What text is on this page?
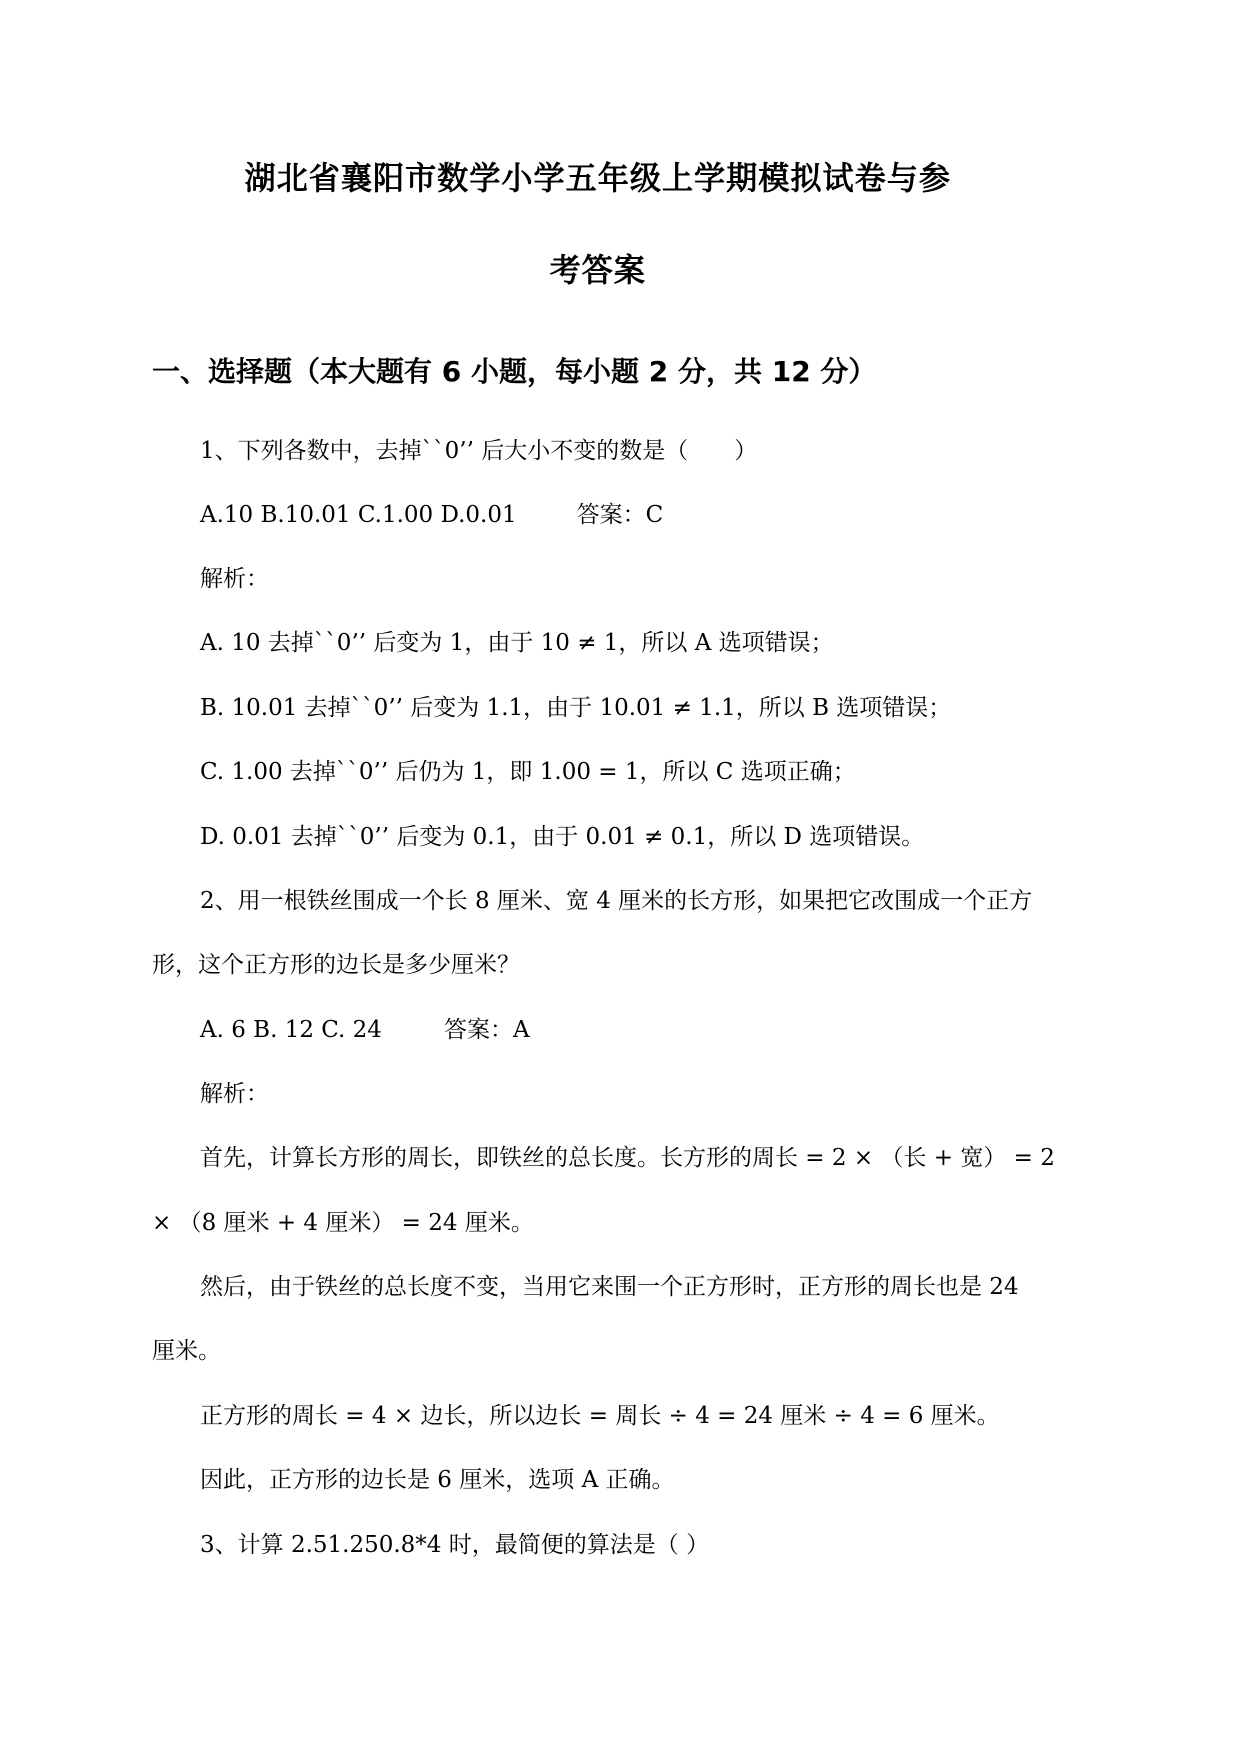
湖北省襄阳市数学小学五年级上学期模拟试卷与参
考答案
一、选择题（本大题有 6 小题，每小题 2 分，共 12 分）
1、下列各数中，去掉``0’’ 后大小不变的数是（　　）
A.10 B.10.01 C.1.00 D.0.01	答案：C
解析：
A. 10 去掉``0’’ 后变为 1，由于 10 ≠ 1，所以 A 选项错误；
B. 10.01 去掉``0’’ 后变为 1.1，由于 10.01 ≠ 1.1，所以 B 选项错误；
C. 1.00 去掉``0’’ 后仍为 1，即 1.00 = 1，所以 C 选项正确；
D. 0.01 去掉``0’’ 后变为 0.1，由于 0.01 ≠ 0.1，所以 D 选项错误。
2、用一根铁丝围成一个长 8 厘米、宽 4 厘米的长方形，如果把它改围成一个正方
形，这个正方形的边长是多少厘米？
A. 6 B. 12 C. 24	答案：A
解析：
首先，计算长方形的周长，即铁丝的总长度。长方形的周长 = 2 × （长 + 宽） = 2
× （8 厘米 + 4 厘米） = 24 厘米。
然后，由于铁丝的总长度不变，当用它来围一个正方形时，正方形的周长也是 24
厘米。
正方形的周长 = 4 × 边长，所以边长 = 周长 ÷ 4 = 24 厘米 ÷ 4 = 6 厘米。
因此，正方形的边长是 6 厘米，选项 A 正确。
3、计算 2.51.250.8*4 时，最简便的算法是（ ）
